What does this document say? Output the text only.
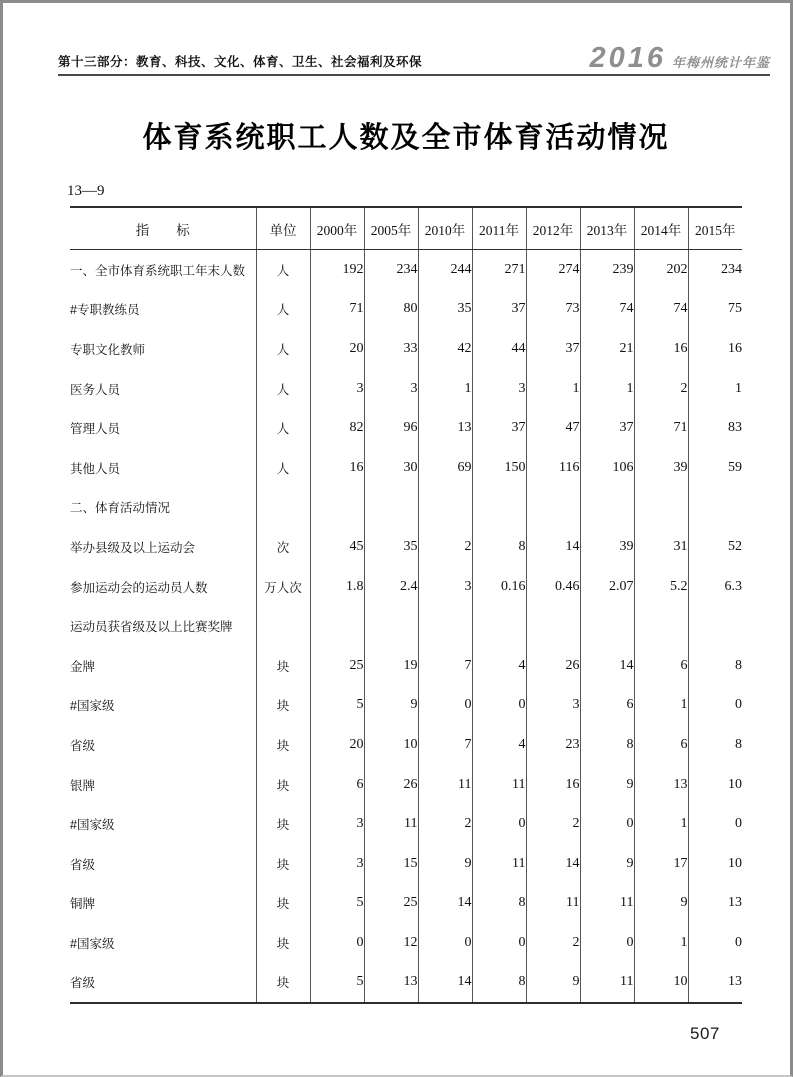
第十三部分：教育、科技、文化、体育、卫生、社会福利及环保	2016 年梅州统计年鉴
体育系统职工人数及全市体育活动情况
13—9
指　　标	单位	2000年	2005年	2010年	2011年	2012年	2013年	2014年	2015年
一、全市体育系统职工年末人数	人	192	234	244	271	274	239	202	234
#专职教练员	人	71	80	35	37	73	74	74	75
专职文化教师	人	20	33	42	44	37	21	16	16
医务人员	人	3	3	1	3	1	1	2	1
管理人员	人	82	96	13	37	47	37	71	83
其他人员	人	16	30	69	150	116	106	39	59
二、体育活动情况									
举办县级及以上运动会	次	45	35	2	8	14	39	31	52
参加运动会的运动员人数	万人次	1.8	2.4	3	0.16	0.46	2.07	5.2	6.3
运动员获省级及以上比赛奖牌									
金牌	块	25	19	7	4	26	14	6	8
#国家级	块	5	9	0	0	3	6	1	0
省级	块	20	10	7	4	23	8	6	8
银牌	块	6	26	11	11	16	9	13	10
#国家级	块	3	11	2	0	2	0	1	0
省级	块	3	15	9	11	14	9	17	10
铜牌	块	5	25	14	8	11	11	9	13
#国家级	块	0	12	0	0	2	0	1	0
省级	块	5	13	14	8	9	11	10	13
507
